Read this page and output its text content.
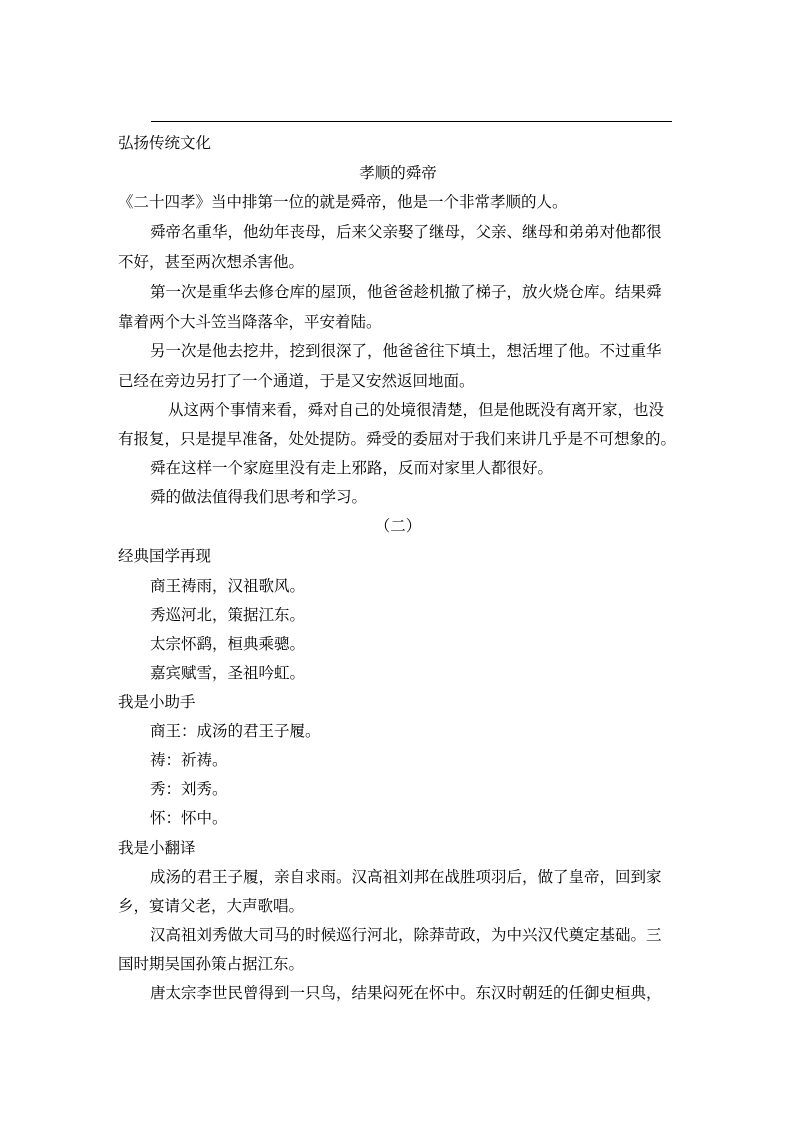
弘扬传统文化
孝顺的舜帝
《二十四孝》当中排第一位的就是舜帝，他是一个非常孝顺的人。
舜帝名重华，他幼年丧母，后来父亲娶了继母，父亲、继母和弟弟对他都很
不好，甚至两次想杀害他。
第一次是重华去修仓库的屋顶，他爸爸趁机撤了梯子，放火烧仓库。结果舜
靠着两个大斗笠当降落伞，平安着陆。
另一次是他去挖井，挖到很深了，他爸爸往下填土，想活埋了他。不过重华
已经在旁边另打了一个通道，于是又安然返回地面。
从这两个事情来看，舜对自己的处境很清楚，但是他既没有离开家，也没
有报复，只是提早准备，处处提防。舜受的委屈对于我们来讲几乎是不可想象的。
舜在这样一个家庭里没有走上邪路，反而对家里人都很好。
舜的做法值得我们思考和学习。
（二）
经典国学再现
商王祷雨，汉祖歌风。
秀巡河北，策据江东。
太宗怀鹞，桓典乘骢。
嘉宾赋雪，圣祖吟虹。
我是小助手
商王：成汤的君王子履。
祷：祈祷。
秀：刘秀。
怀：怀中。
我是小翻译
成汤的君王子履，亲自求雨。汉高祖刘邦在战胜项羽后，做了皇帝，回到家
乡，宴请父老，大声歌唱。
汉高祖刘秀做大司马的时候巡行河北，除莽苛政，为中兴汉代奠定基础。三
国时期吴国孙策占据江东。
唐太宗李世民曾得到一只鸟，结果闷死在怀中。东汉时朝廷的任御史桓典，
